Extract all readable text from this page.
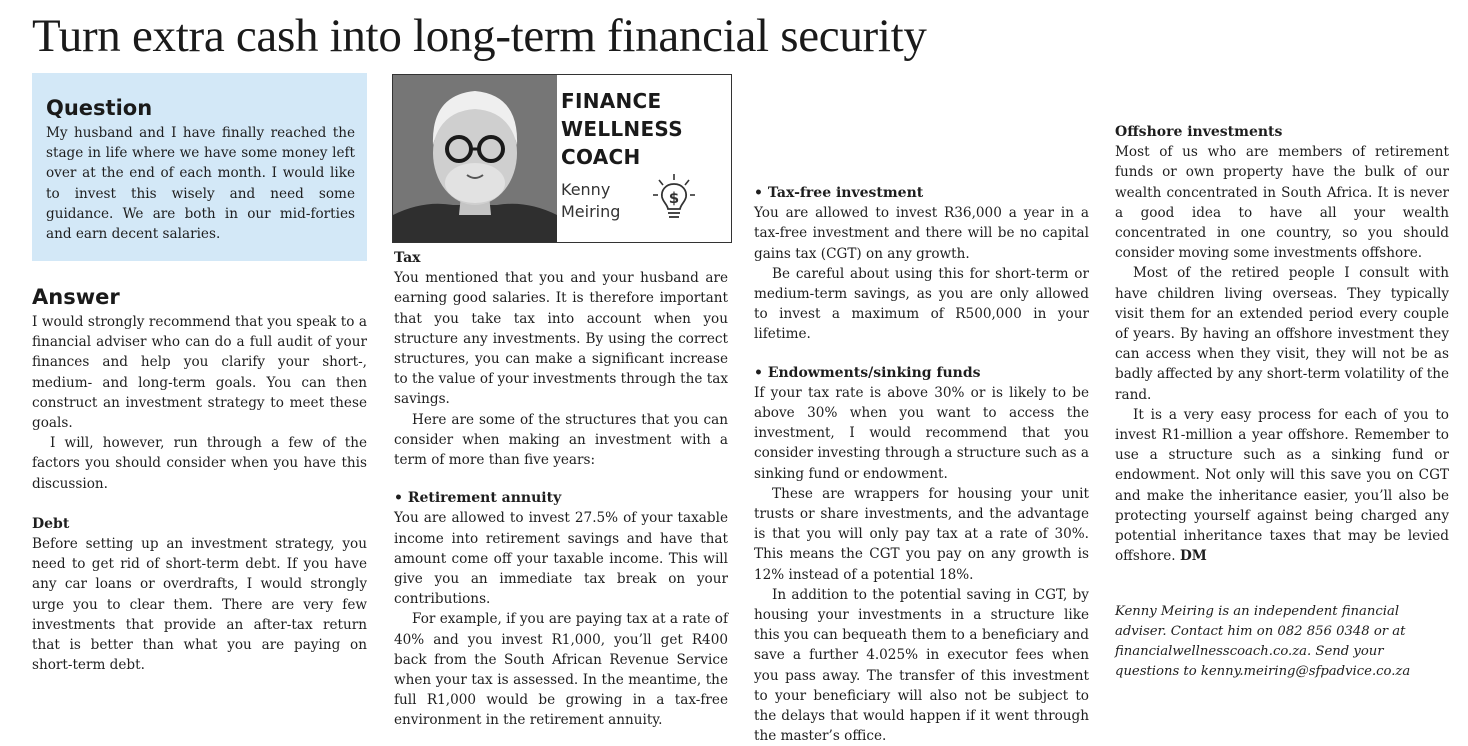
Turn extra cash into long-term financial security
Question

My husband and I have finally reached the stage in life where we have some money left over at the end of each month. I would like to invest this wisely and need some guidance. We are both in our mid-forties and earn decent salaries.

Answer

I would strongly recommend that you speak to a financial adviser who can do a full audit of your finances and help you clarify your short-, medium- and long-term goals. You can then construct an investment strategy to meet these goals.

I will, however, run through a few of the factors you should consider when you have this discussion.

Debt

Before setting up an investment strategy, you need to get rid of short-term debt. If you have any car loans or overdrafts, I would strongly urge you to clear them. There are very few investments that provide an after-tax return that is better than what you are paying on short-term debt.

FINANCE
WELLNESS
COACH
Kenny
Meiring
$

Tax

You mentioned that you and your husband are earning good salaries. It is therefore important that you take tax into account when you structure any investments. By using the correct structures, you can make a significant increase to the value of your investments through the tax savings.

Here are some of the structures that you can consider when making an investment with a term of more than five years:

• Retirement annuity

You are allowed to invest 27.5% of your taxable income into retirement savings and have that amount come off your taxable income. This will give you an immediate tax break on your contributions.

For example, if you are paying tax at a rate of 40% and you invest R1,000, you’ll get R400 back from the South African Revenue Service when your tax is assessed. In the meantime, the full R1,000 would be growing in a tax-free environment in the retirement annuity.

• Tax-free investment

You are allowed to invest R36,000 a year in a tax-free investment and there will be no capital gains tax (CGT) on any growth.

Be careful about using this for short-term or medium-term savings, as you are only allowed to invest a maximum of R500,000 in your lifetime.

• Endowments/sinking funds

If your tax rate is above 30% or is likely to be above 30% when you want to access the investment, I would recommend that you consider investing through a structure such as a sinking fund or endowment.

These are wrappers for housing your unit trusts or share investments, and the advantage is that you will only pay tax at a rate of 30%. This means the CGT you pay on any growth is 12% instead of a potential 18%.

In addition to the potential saving in CGT, by housing your investments in a structure like this you can bequeath them to a beneficiary and save a further 4.025% in executor fees when you pass away. The transfer of this investment to your beneficiary will also not be subject to the delays that would happen if it went through the master’s office.

Offshore investments

Most of us who are members of retirement funds or own property have the bulk of our wealth concentrated in South Africa. It is never a good idea to have all your wealth concentrated in one country, so you should consider moving some investments offshore.

Most of the retired people I consult with have children living overseas. They typically visit them for an extended period every couple of years. By having an offshore investment they can access when they visit, they will not be as badly affected by any short-term volatility of the rand.

It is a very easy process for each of you to invest R1-million a year offshore. Remember to use a structure such as a sinking fund or endowment. Not only will this save you on CGT and make the inheritance easier, you’ll also be protecting yourself against being charged any potential inheritance taxes that may be levied offshore. DM

Kenny Meiring is an independent financial adviser. Contact him on 082 856 0348 or at financialwellnesscoach.co.za. Send your questions to kenny.meiring@sfpadvice.co.za
